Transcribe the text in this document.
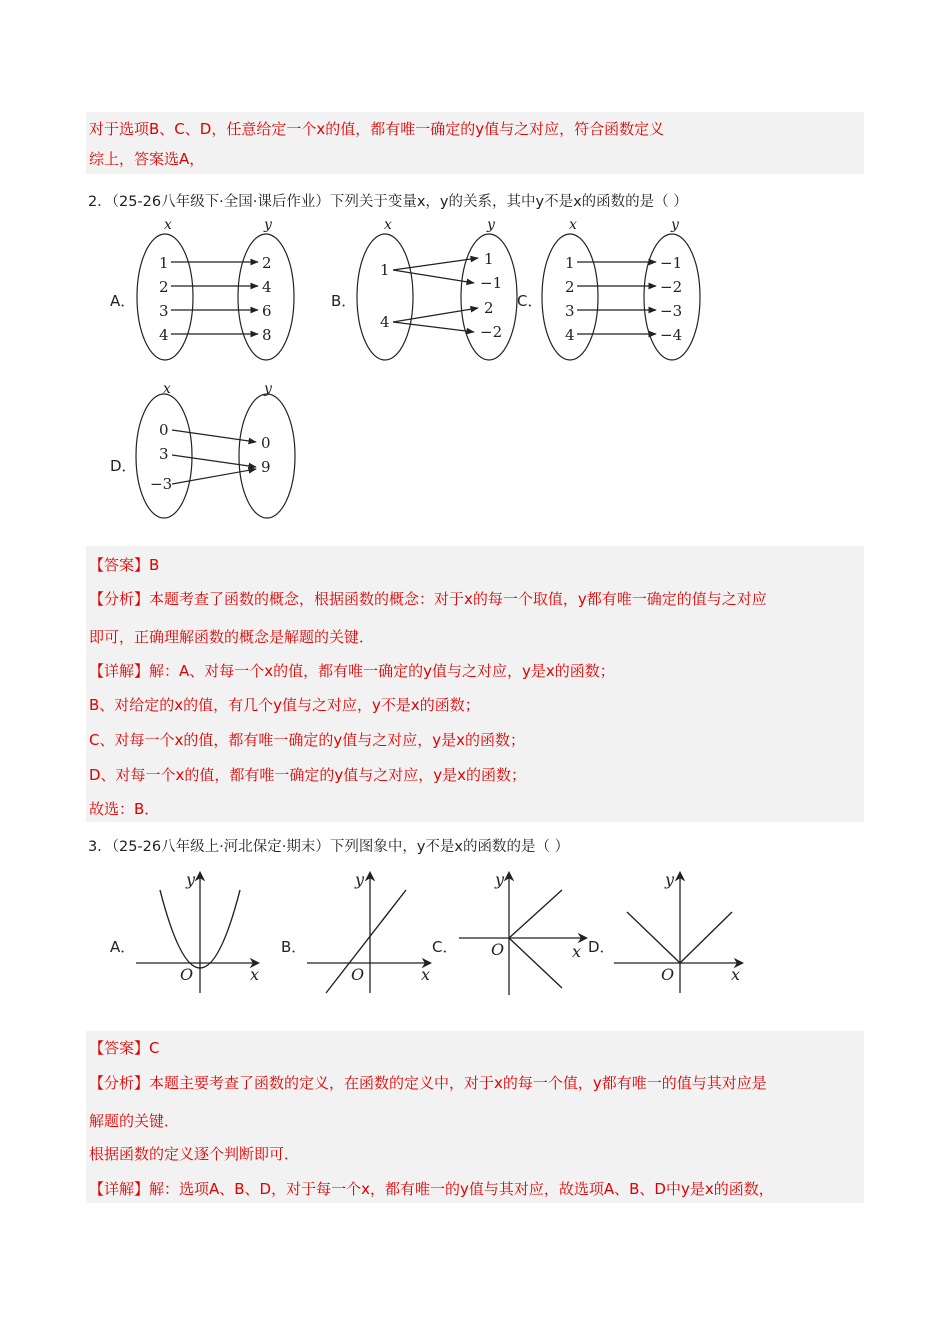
对于选项B、C、D，任意给定一个x的值，都有唯一确定的y值与之对应，符合函数定义
综上，答案选A，
2．（25-26八年级下·全国·课后作业）下列关于变量x，y的关系，其中y不是x的函数的是（ ）
A．	B．	C．
D．
x	y
1
2
3
4
2
4
6
8
x	y
1
4
1
−1
2
−2
x	y
1
2
3
4
−1
−2
−3
−4
x	y
0
3
−3
0
9
y
x
O
y
x
O
y
x
O
y
x
O
【答案】B
【分析】本题考查了函数的概念，根据函数的概念：对于x的每一个取值，y都有唯一确定的值与之对应
即可，正确理解函数的概念是解题的关键．
【详解】解：A、对每一个x的值，都有唯一确定的y值与之对应，y是x的函数；
B、对给定的x的值，有几个y值与之对应，y不是x的函数；
C、对每一个x的值，都有唯一确定的y值与之对应，y是x的函数；
D、对每一个x的值，都有唯一确定的y值与之对应，y是x的函数；
故选：B．
3．（25-26八年级上·河北保定·期末）下列图象中，y不是x的函数的是（ ）
A．	B．	C．	D．
【答案】C
【分析】本题主要考查了函数的定义，在函数的定义中，对于x的每一个值，y都有唯一的值与其对应是
解题的关键．
根据函数的定义逐个判断即可．
【详解】解：选项A、B、D，对于每一个x，都有唯一的y值与其对应，故选项A、B、D中y是x的函数，
